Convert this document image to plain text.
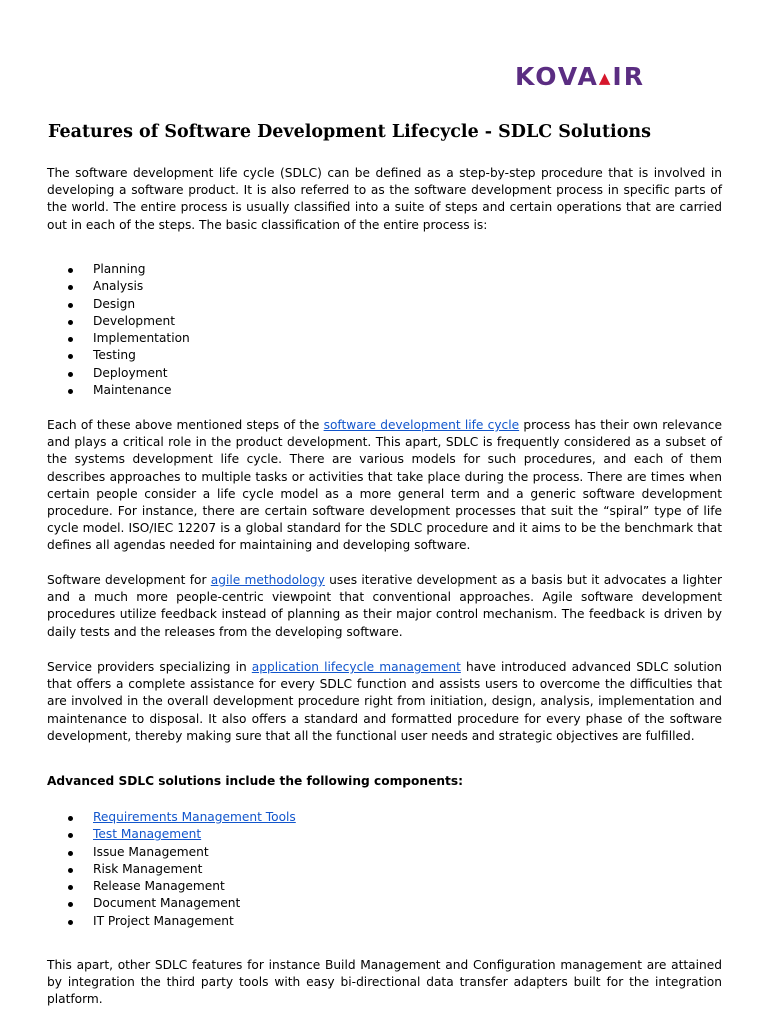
KOVA▲IR
Features of Software Development Lifecycle - SDLC Solutions

The software development life cycle (SDLC) can be defined as a step-by-step procedure that is involved in developing a software product. It is also referred to as the software development process in specific parts of the world. The entire process is usually classified into a suite of steps and certain operations that are carried out in each of the steps. The basic classification of the entire process is:

Planning
Analysis
Design
Development
Implementation
Testing
Deployment
Maintenance

Each of these above mentioned steps of the software development life cycle process has their own relevance and plays a critical role in the product development. This apart, SDLC is frequently considered as a subset of the systems development life cycle. There are various models for such procedures, and each of them describes approaches to multiple tasks or activities that take place during the process. There are times when certain people consider a life cycle model as a more general term and a generic software development procedure. For instance, there are certain software development processes that suit the “spiral” type of life cycle model. ISO/IEC 12207 is a global standard for the SDLC procedure and it aims to be the benchmark that defines all agendas needed for maintaining and developing software.

Software development for agile methodology uses iterative development as a basis but it advocates a lighter and a much more people-centric viewpoint that conventional approaches. Agile software development procedures utilize feedback instead of planning as their major control mechanism. The feedback is driven by daily tests and the releases from the developing software.

Service providers specializing in application lifecycle management have introduced advanced SDLC solution that offers a complete assistance for every SDLC function and assists users to overcome the difficulties that are involved in the overall development procedure right from initiation, design, analysis, implementation and maintenance to disposal. It also offers a standard and formatted procedure for every phase of the software development, thereby making sure that all the functional user needs and strategic objectives are fulfilled.

Advanced SDLC solutions include the following components:

Requirements Management Tools
Test Management
Issue Management
Risk Management
Release Management
Document Management
IT Project Management

This apart, other SDLC features for instance Build Management and Configuration management are attained by integration the third party tools with easy bi-directional data transfer adapters built for the integration platform.
